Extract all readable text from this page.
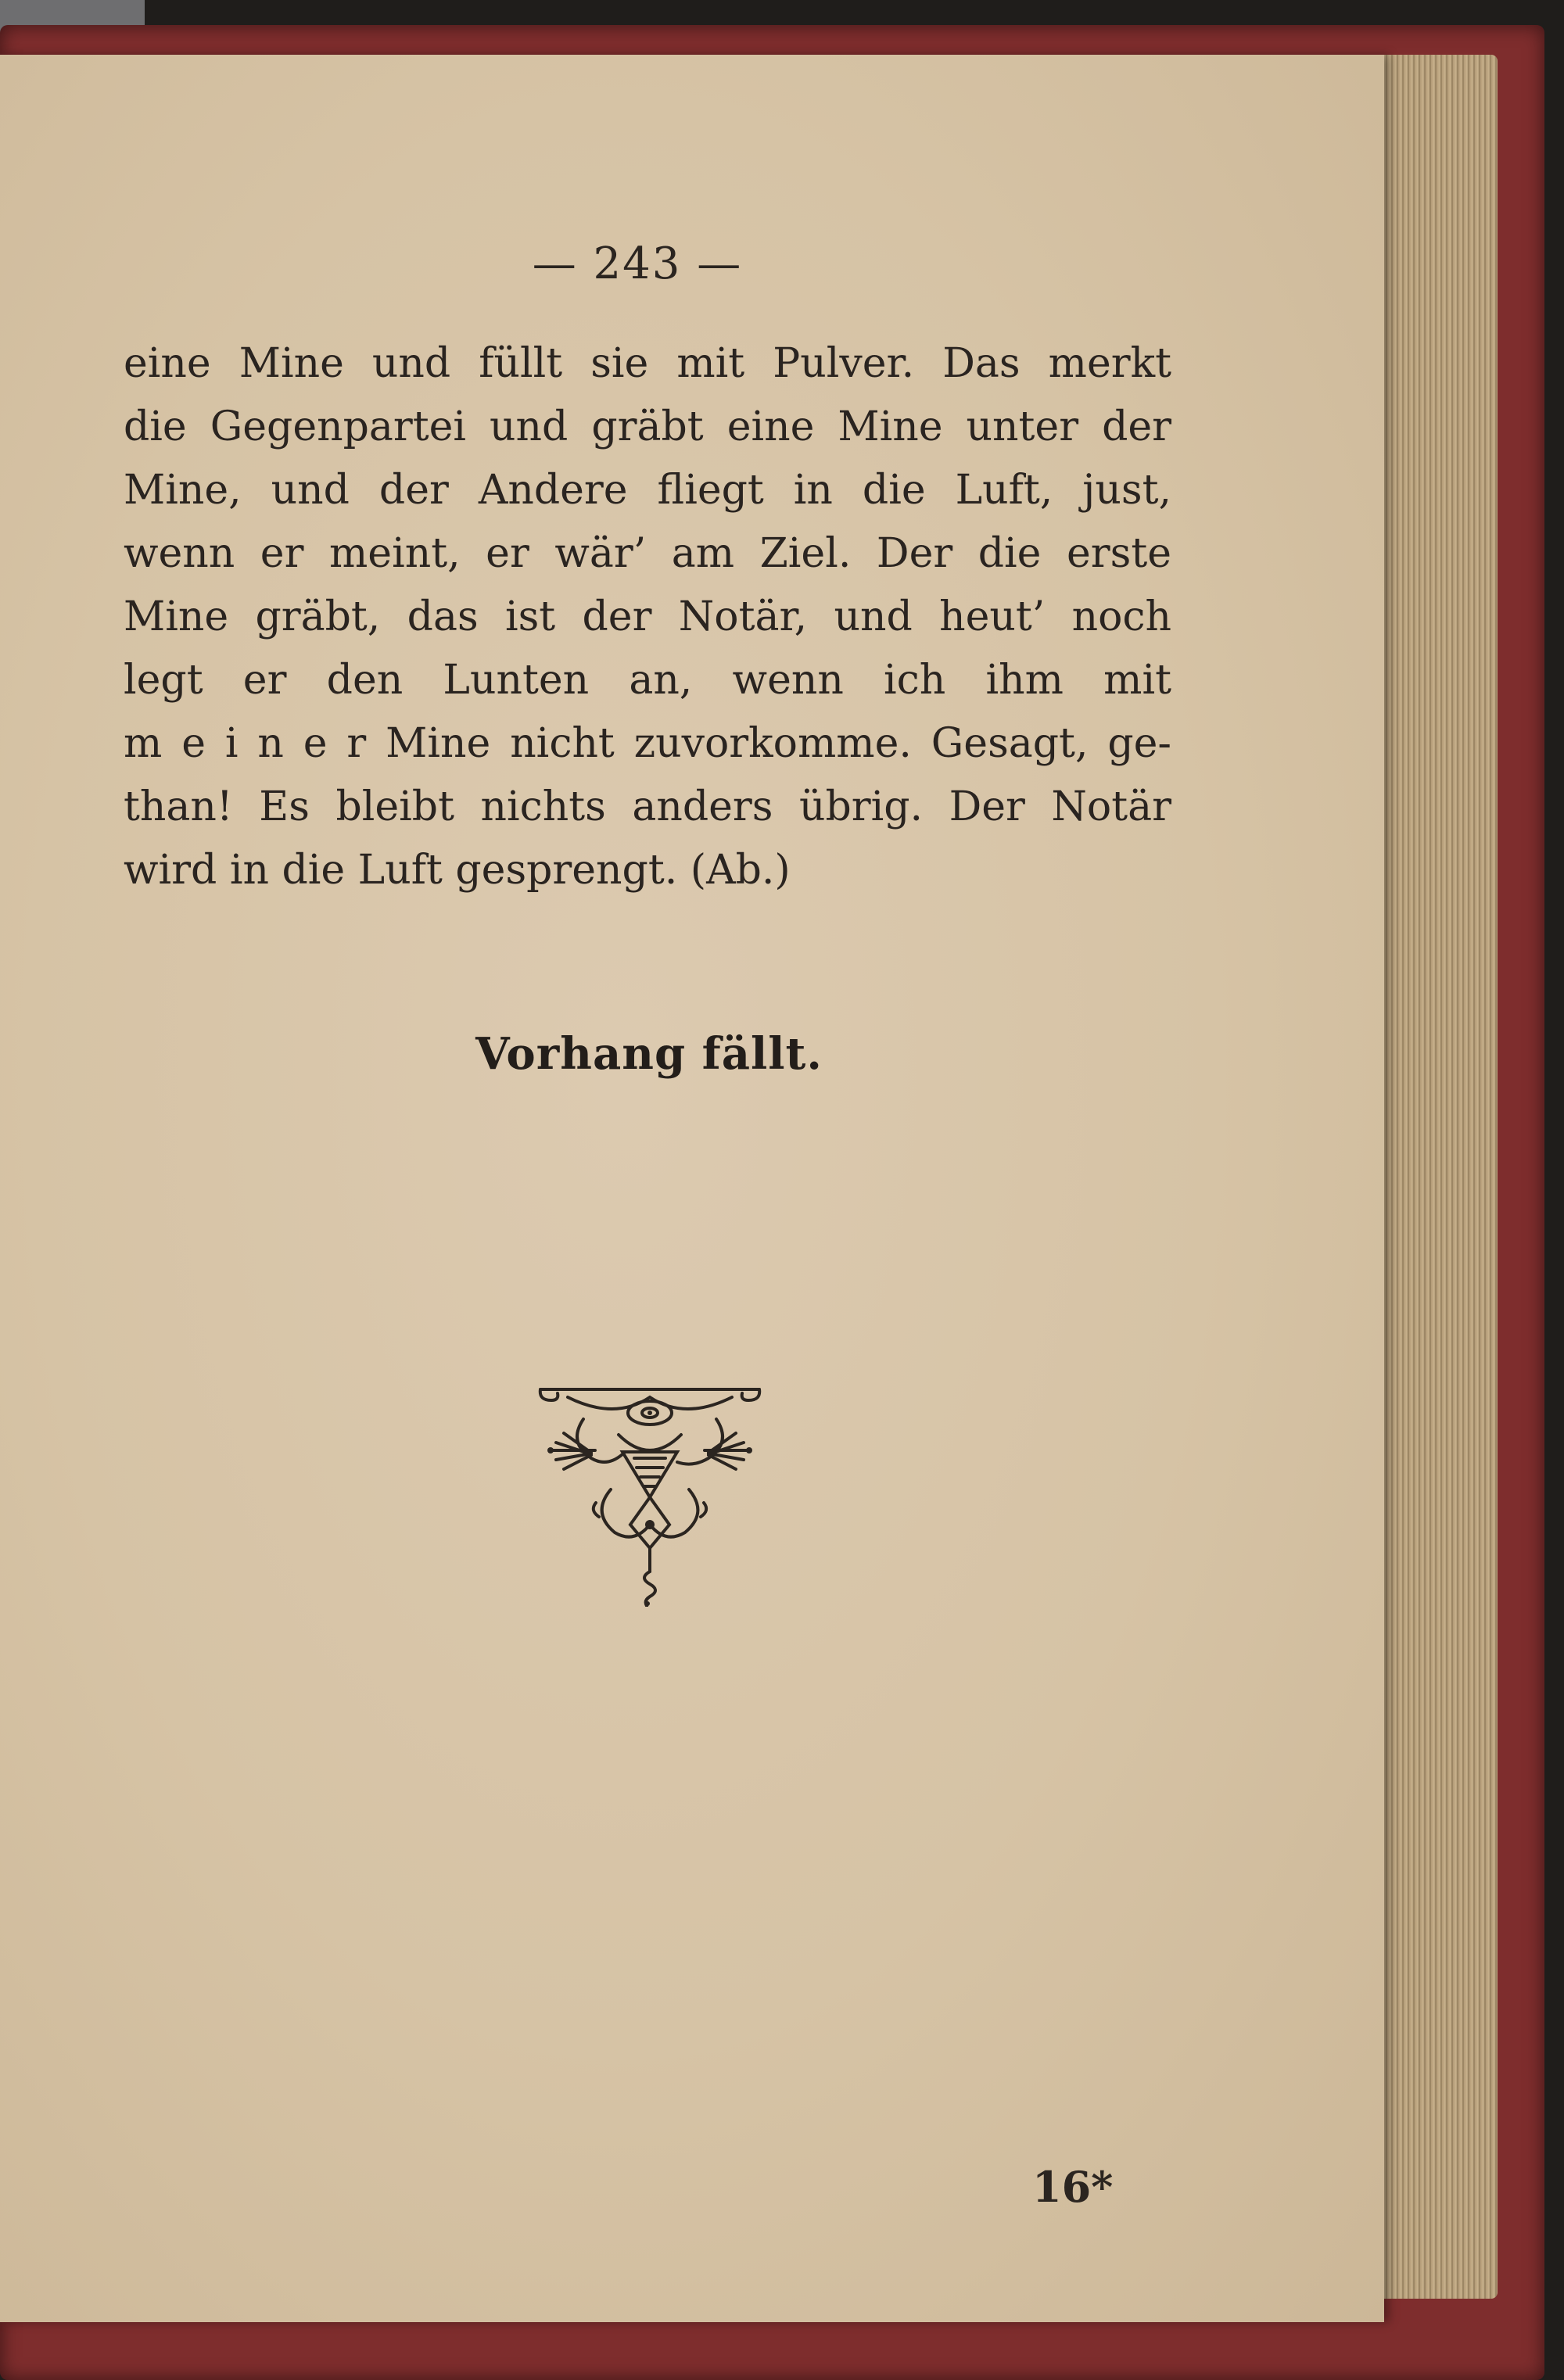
— 243 —
eine Mine und füllt sie mit Pulver. Das merkt
die Gegenpartei und gräbt eine Mine unter der
Mine, und der Andere fliegt in die Luft, just,
wenn er meint, er wär’ am Ziel. Der die erste
Mine gräbt, das ist der Notär, und heut’ noch
legt er den Lunten an, wenn ich ihm mit
m e i n e r Mine nicht zuvorkomme. Gesagt, ge-
than! Es bleibt nichts anders übrig. Der Notär
wird in die Luft gesprengt. (Ab.)
Vorhang fällt.
16*
